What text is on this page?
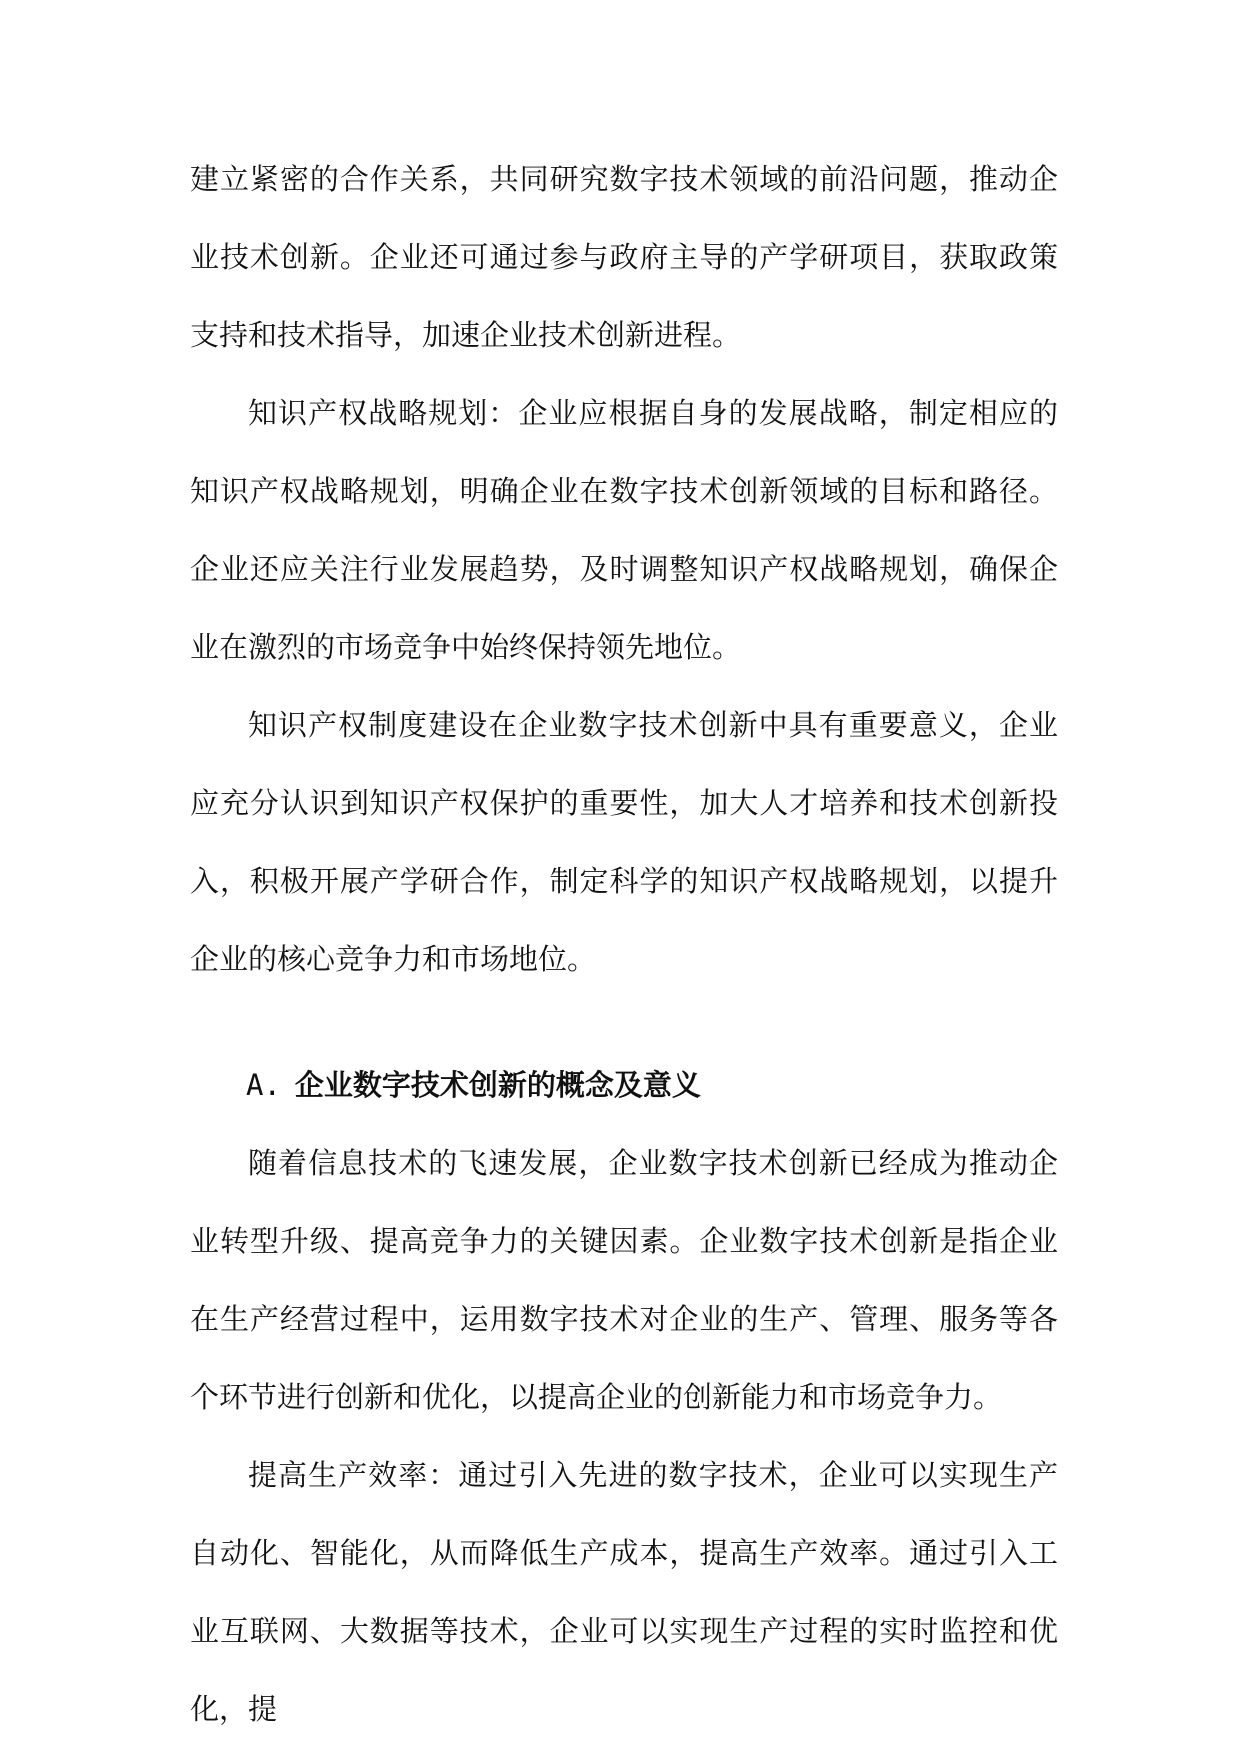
建立紧密的合作关系，共同研究数字技术领域的前沿问题，推动企业技术创新。企业还可通过参与政府主导的产学研项目，获取政策支持和技术指导，加速企业技术创新进程。

知识产权战略规划：企业应根据自身的发展战略，制定相应的知识产权战略规划，明确企业在数字技术创新领域的目标和路径。企业还应关注行业发展趋势，及时调整知识产权战略规划，确保企业在激烈的市场竞争中始终保持领先地位。

知识产权制度建设在企业数字技术创新中具有重要意义，企业应充分认识到知识产权保护的重要性，加大人才培养和技术创新投入，积极开展产学研合作，制定科学的知识产权战略规划，以提升企业的核心竞争力和市场地位。

A. 企业数字技术创新的概念及意义

随着信息技术的飞速发展，企业数字技术创新已经成为推动企业转型升级、提高竞争力的关键因素。企业数字技术创新是指企业在生产经营过程中，运用数字技术对企业的生产、管理、服务等各个环节进行创新和优化，以提高企业的创新能力和市场竞争力。

提高生产效率：通过引入先进的数字技术，企业可以实现生产自动化、智能化，从而降低生产成本，提高生产效率。通过引入工业互联网、大数据等技术，企业可以实现生产过程的实时监控和优化，提
